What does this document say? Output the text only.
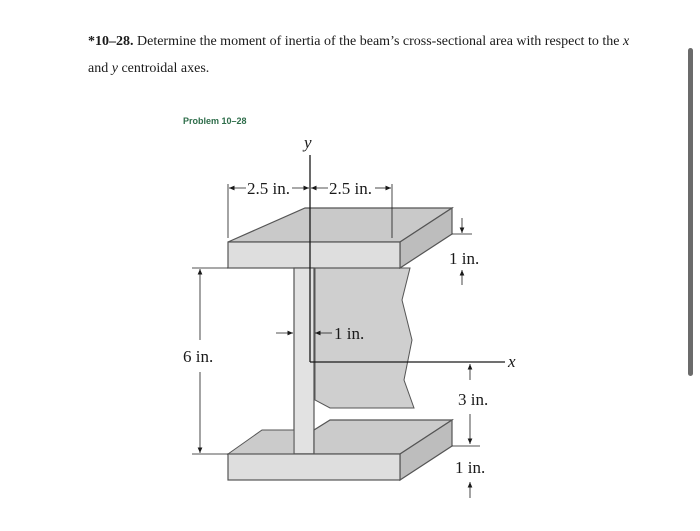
*10–28. Determine the moment of inertia of the beam’s cross-sectional area with respect to the x
and y centroidal axes.
Problem 10–28
y
x
2.5 in. 2.5 in.
1 in.
1 in.
6 in.
3 in.
1 in.
